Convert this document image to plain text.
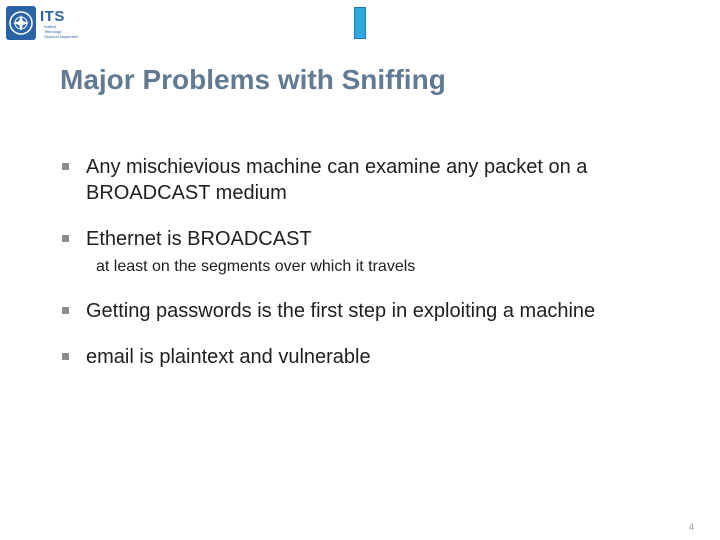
ITS
Institut
Teknologi
Sepuluh Nopember
Major Problems with Sniffing
Any mischievious machine can examine any packet on a BROADCAST medium
Ethernet is BROADCAST
at least on the segments over which it travels
Getting passwords is the first step in exploiting a machine
email is plaintext and vulnerable
4
